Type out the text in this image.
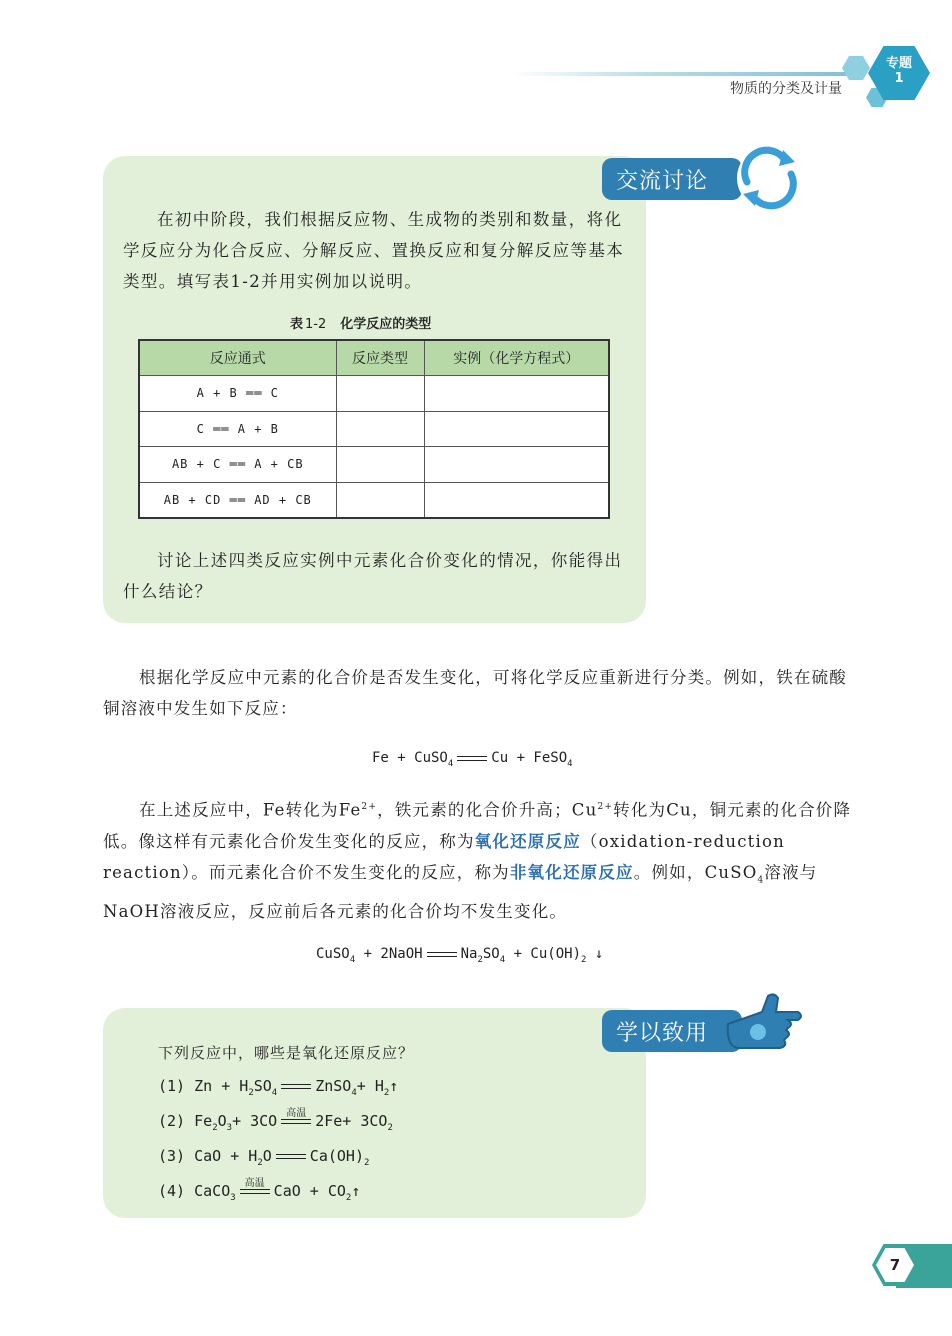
物质的分类及计量
专题
1
交流讨论
在初中阶段，我们根据反应物、生成物的类别和数量，将化学反应分为化合反应、分解反应、置换反应和复分解反应等基本类型。填写表1-2并用实例加以说明。
表 1-2 化学反应的类型
反应通式	反应类型	实例（化学方程式）
A + B ══ C		
C ══ A + B		
AB + C ══ A + CB		
AB + CD ══ AD + CB		
讨论上述四类反应实例中元素化合价变化的情况，你能得出什么结论？
根据化学反应中元素的化合价是否发生变化，可将化学反应重新进行分类。例如，铁在硫酸铜溶液中发生如下反应：
Fe + CuSO$_4$	Cu + FeSO$_4$
在上述反应中，Fe转化为$Fe^{2+}$，铁元素的化合价升高；$Cu^{2+}$转化为Cu，铜元素的化合价降低。像这样有元素化合价发生变化的反应，称为氧化还原反应（oxidation-reduction reaction）。而元素化合价不发生变化的反应，称为非氧化还原反应。例如，CuSO$_4$溶液与NaOH溶液反应，反应前后各元素的化合价均不发生变化。
CuSO$_4$ + 2NaOH	$Na_2SO_4 + Cu(OH)_2$ ↓
学以致用
下列反应中，哪些是氧化还原反应？
(1) $Zn + H_2SO_4$	ZnSO$_4$+ $H_2↑$
(2) $Fe_2O_3+ 3CO$ 高温 $2Fe+ 3CO_2$
(3) CaO + $H_2O$	$Ca(OH)_2$
(4) CaCO$_3$
高温 CaO + $CO_2↑$
7
